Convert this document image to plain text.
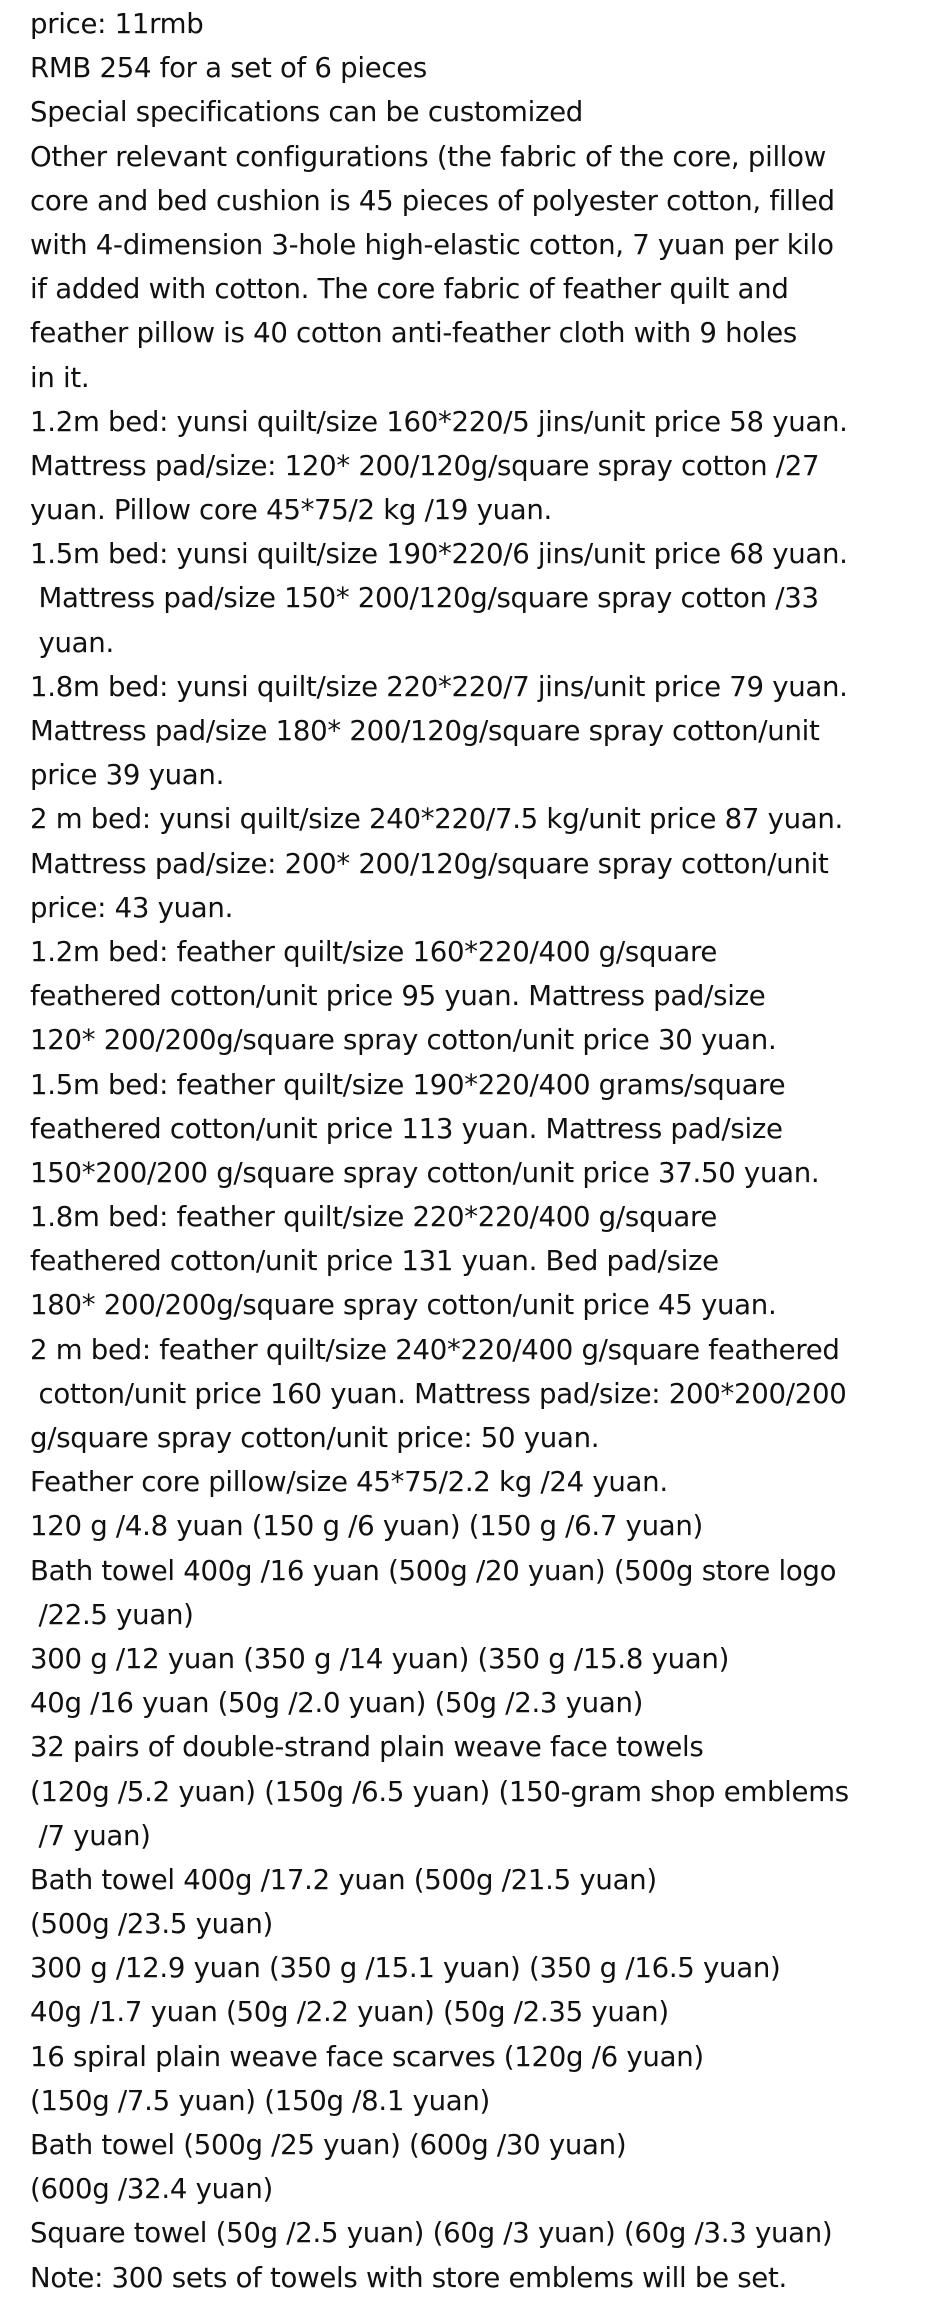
price: 11rmb
RMB 254 for a set of 6 pieces
Special specifications can be customized
Other relevant configurations (the fabric of the core, pillow
core and bed cushion is 45 pieces of polyester cotton, filled
with 4-dimension 3-hole high-elastic cotton, 7 yuan per kilo
if added with cotton. The core fabric of feather quilt and
feather pillow is 40 cotton anti-feather cloth with 9 holes
in it.
1.2m bed: yunsi quilt/size 160*220/5 jins/unit price 58 yuan.
Mattress pad/size: 120* 200/120g/square spray cotton /27
yuan. Pillow core 45*75/2 kg /19 yuan.
1.5m bed: yunsi quilt/size 190*220/6 jins/unit price 68 yuan.
Mattress pad/size 150* 200/120g/square spray cotton /33
yuan.
1.8m bed: yunsi quilt/size 220*220/7 jins/unit price 79 yuan.
Mattress pad/size 180* 200/120g/square spray cotton/unit
price 39 yuan.
2 m bed: yunsi quilt/size 240*220/7.5 kg/unit price 87 yuan.
Mattress pad/size: 200* 200/120g/square spray cotton/unit
price: 43 yuan.
1.2m bed: feather quilt/size 160*220/400 g/square
feathered cotton/unit price 95 yuan. Mattress pad/size
120* 200/200g/square spray cotton/unit price 30 yuan.
1.5m bed: feather quilt/size 190*220/400 grams/square
feathered cotton/unit price 113 yuan. Mattress pad/size
150*200/200 g/square spray cotton/unit price 37.50 yuan.
1.8m bed: feather quilt/size 220*220/400 g/square
feathered cotton/unit price 131 yuan. Bed pad/size
180* 200/200g/square spray cotton/unit price 45 yuan.
2 m bed: feather quilt/size 240*220/400 g/square feathered
cotton/unit price 160 yuan. Mattress pad/size: 200*200/200
g/square spray cotton/unit price: 50 yuan.
Feather core pillow/size 45*75/2.2 kg /24 yuan.
120 g /4.8 yuan (150 g /6 yuan) (150 g /6.7 yuan)
Bath towel 400g /16 yuan (500g /20 yuan) (500g store logo
/22.5 yuan)
300 g /12 yuan (350 g /14 yuan) (350 g /15.8 yuan)
40g /16 yuan (50g /2.0 yuan) (50g /2.3 yuan)
32 pairs of double-strand plain weave face towels
(120g /5.2 yuan) (150g /6.5 yuan) (150-gram shop emblems
/7 yuan)
Bath towel 400g /17.2 yuan (500g /21.5 yuan)
(500g /23.5 yuan)
300 g /12.9 yuan (350 g /15.1 yuan) (350 g /16.5 yuan)
40g /1.7 yuan (50g /2.2 yuan) (50g /2.35 yuan)
16 spiral plain weave face scarves (120g /6 yuan)
(150g /7.5 yuan) (150g /8.1 yuan)
Bath towel (500g /25 yuan) (600g /30 yuan)
(600g /32.4 yuan)
Square towel (50g /2.5 yuan) (60g /3 yuan) (60g /3.3 yuan)
Note: 300 sets of towels with store emblems will be set.
